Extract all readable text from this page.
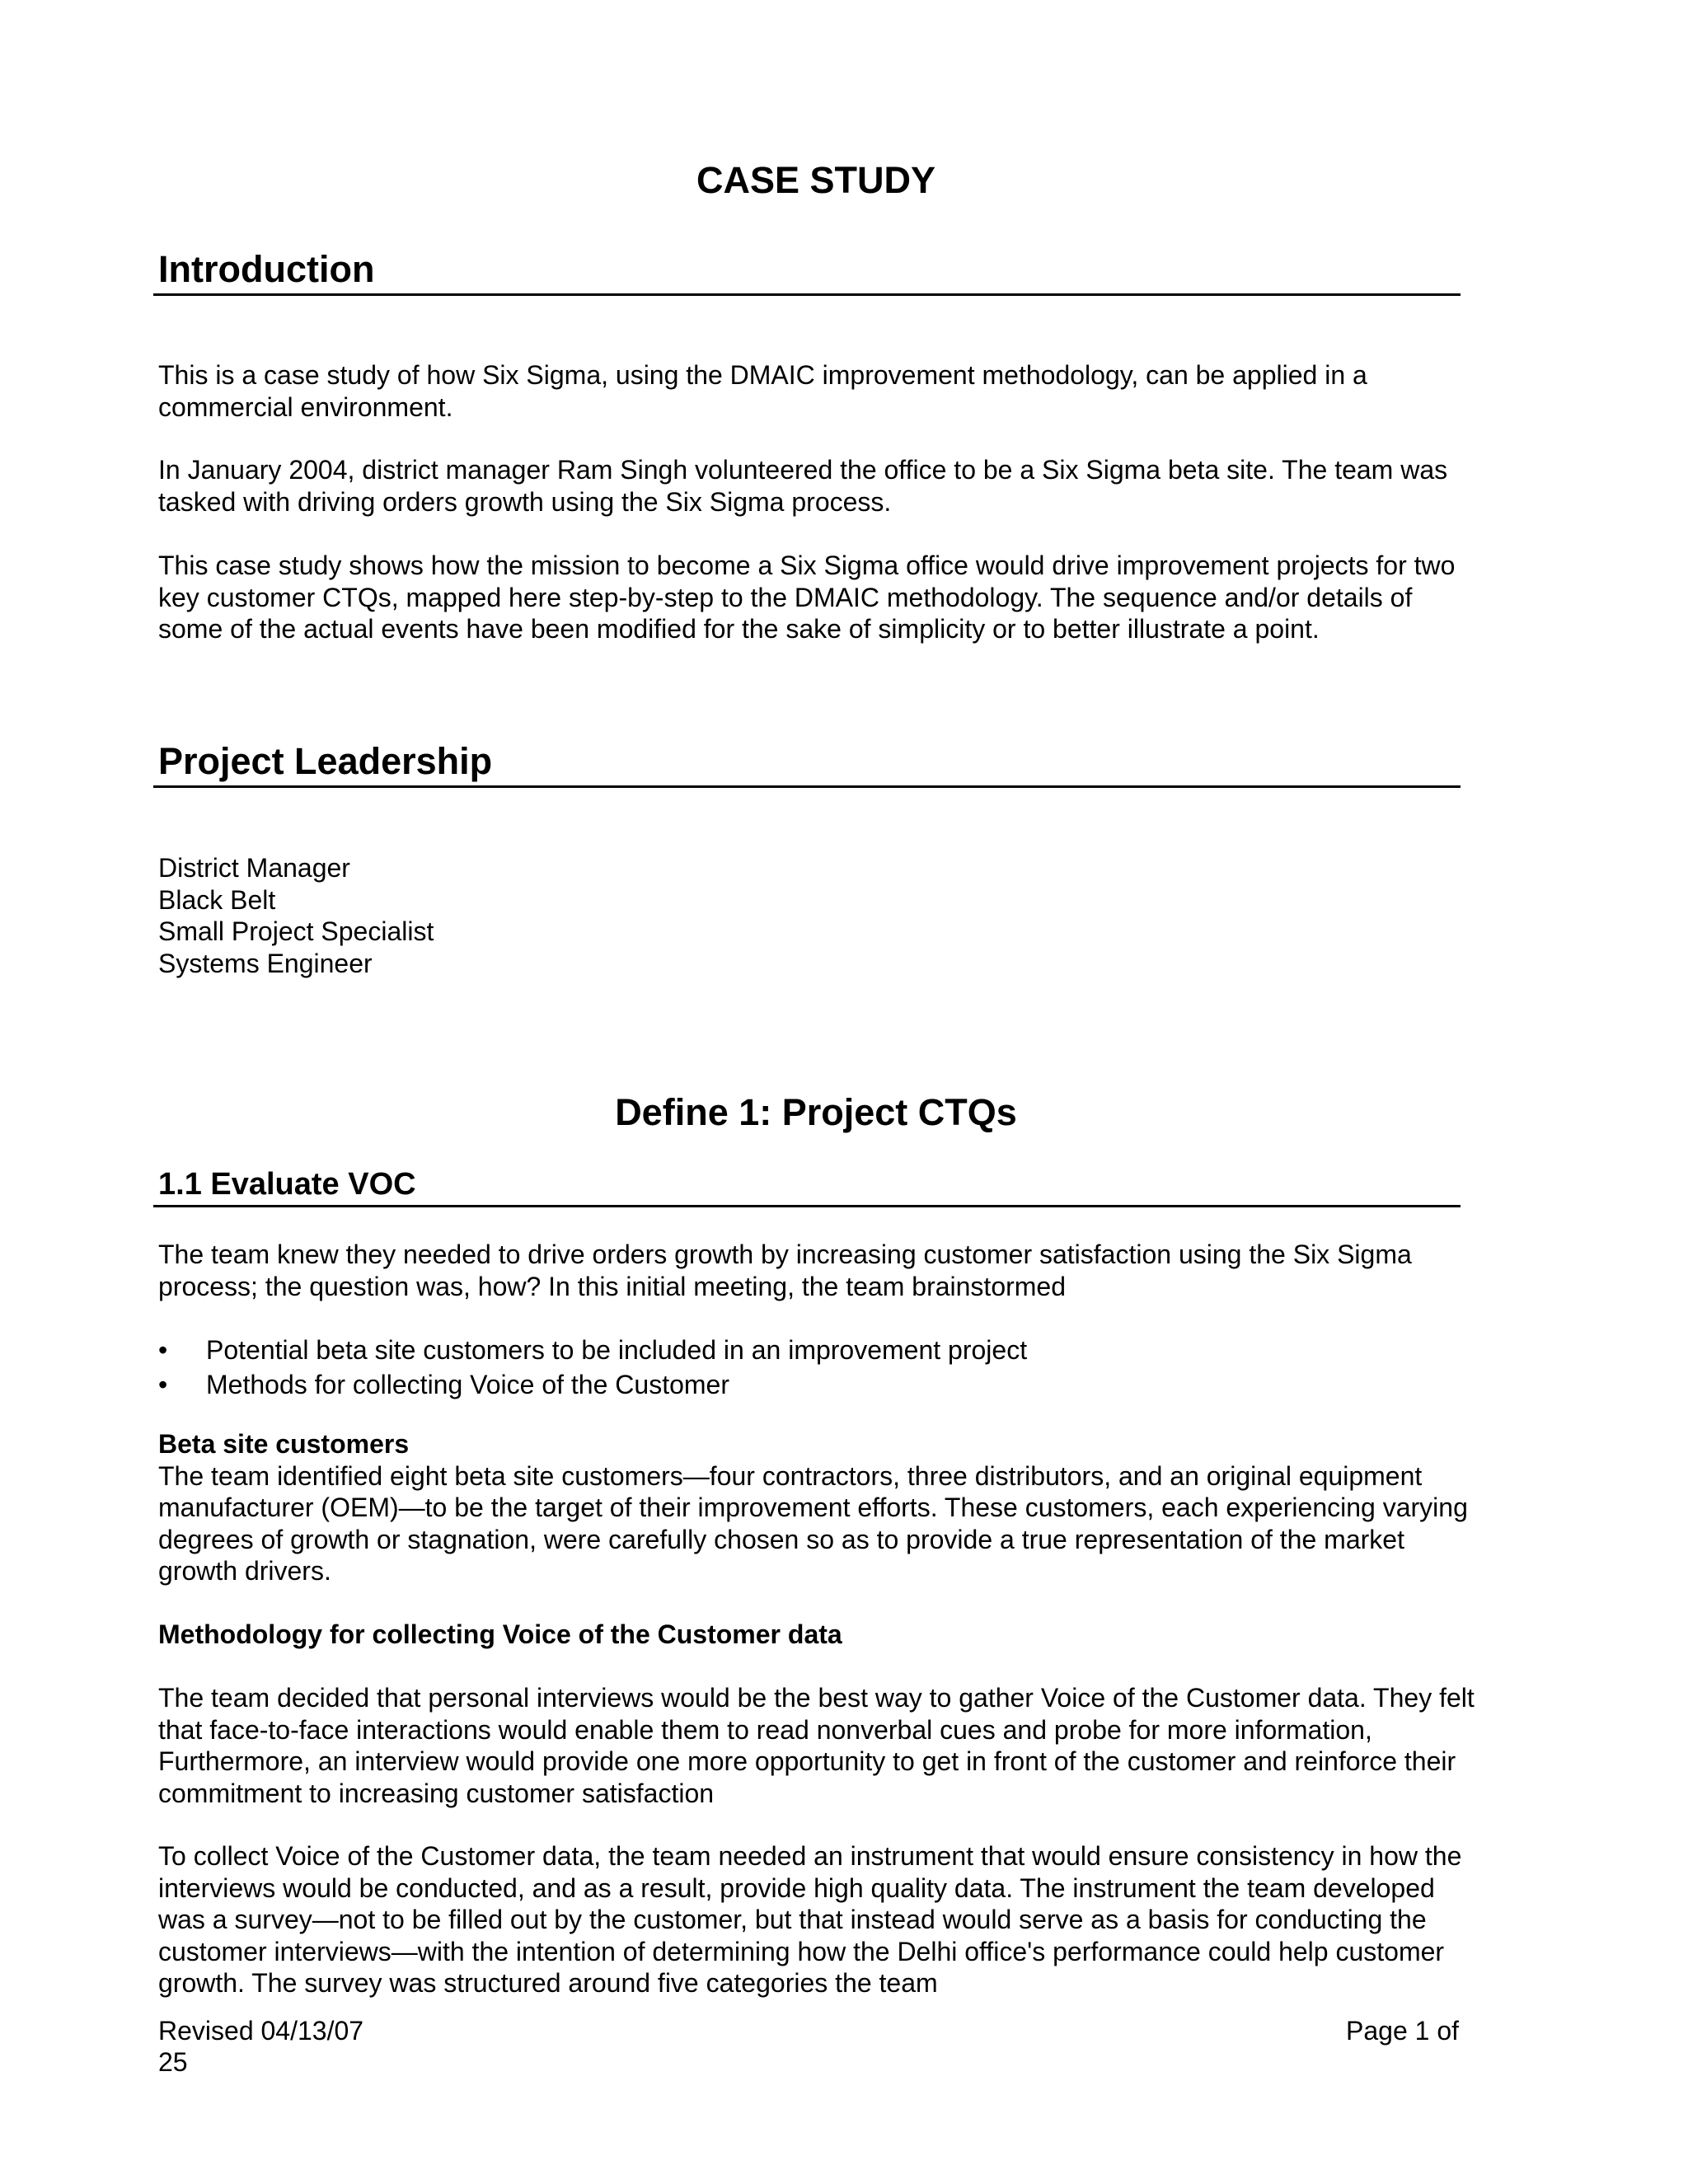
CASE STUDY
Introduction

This is a case study of how Six Sigma, using the DMAIC improvement methodology, can be applied in a commercial environment.

In January 2004, district manager Ram Singh volunteered the office to be a Six Sigma beta site. The team was tasked with driving orders growth using the Six Sigma process.

This case study shows how the mission to become a Six Sigma office would drive improvement projects for two key customer CTQs, mapped here step-by-step to the DMAIC methodology. The sequence and/or details of some of the actual events have been modified for the sake of simplicity or to better illustrate a point.

Project Leadership
District Manager
Black Belt
Small Project Specialist
Systems Engineer
Define 1: Project CTQs
1.1 Evaluate VOC

The team knew they needed to drive orders growth by increasing customer satisfaction using the Six Sigma process; the question was, how? In this initial meeting, the team brainstormed

•	Potential beta site customers to be included in an improvement project
•	Methods for collecting Voice of the Customer

Beta site customers

The team identified eight beta site customers—four contractors, three distributors, and an original equipment manufacturer (OEM)—to be the target of their improvement efforts. These customers, each experiencing varying degrees of growth or stagnation, were carefully chosen so as to provide a true representation of the market growth drivers.

Methodology for collecting Voice of the Customer data

The team decided that personal interviews would be the best way to gather Voice of the Customer data. They felt that face-to-face interactions would enable them to read nonverbal cues and probe for more information, Furthermore, an interview would provide one more opportunity to get in front of the customer and reinforce their commitment to increasing customer satisfaction

To collect Voice of the Customer data, the team needed an instrument that would ensure consistency in how the interviews would be conducted, and as a result, provide high quality data. The instrument the team developed was a survey—not to be filled out by the customer, but that instead would serve as a basis for conducting the customer interviews—with the intention of determining how the Delhi office's performance could help customer growth. The survey was structured around five categories the team

Revised 04/13/07	Page 1 of
25
